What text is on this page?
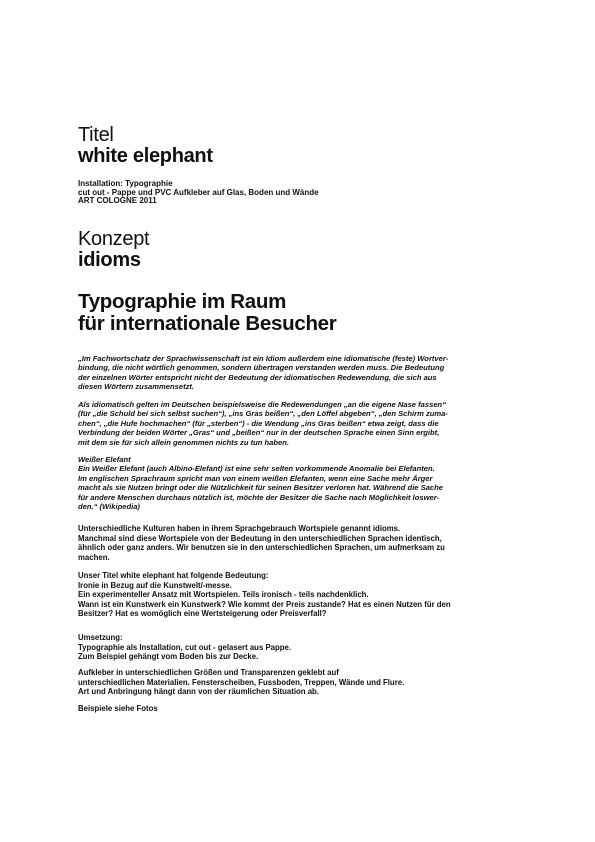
Titel
white elephant
Installation: Typographie
cut out - Pappe und PVC Aufkleber auf Glas, Boden und Wände
ART COLOGNE 2011
Konzept
idioms
Typographie im Raum
für internationale Besucher
„Im Fachwortschatz der Sprachwissenschaft ist ein Idiom außerdem eine idiomatische (feste) Wortver-
bindung, die nicht wörtlich genommen, sondern übertragen verstanden werden muss. Die Bedeutung
der einzelnen Wörter entspricht nicht der Bedeutung der idiomatischen Redewendung, die sich aus
diesen Wörtern zusammensetzt.
Als idiomatisch gelten im Deutschen beispielsweise die Redewendungen „an die eigene Nase fassen“
(für „die Schuld bei sich selbst suchen“), „ins Gras beißen“, „den Löffel abgeben“, „den Schirm zuma-
chen“, „die Hufe hochmachen“ (für „sterben“) - die Wendung „ins Gras beißen“ etwa zeigt, dass die
Verbindung der beiden Wörter „Gras“ und „beißen“ nur in der deutschen Sprache einen Sinn ergibt,
mit dem sie für sich allein genommen nichts zu tun haben.
Weißer Elefant
Ein Weißer Elefant (auch Albino-Elefant) ist eine sehr selten vorkommende Anomalie bei Elefanten.
Im englischen Sprachraum spricht man von einem weißen Elefanten, wenn eine Sache mehr Ärger
macht als sie Nutzen bringt oder die Nützlichkeit für seinen Besitzer verloren hat. Während die Sache
für andere Menschen durchaus nützlich ist, möchte der Besitzer die Sache nach Möglichkeit loswer-
den.“ (Wikipedia)
Unterschiedliche Kulturen haben in ihrem Sprachgebrauch Wortspiele genannt idioms.
Manchmal sind diese Wortspiele von der Bedeutung in den unterschiedlichen Sprachen identisch,
ähnlich oder ganz anders. Wir benutzen sie in den unterschiedlichen Sprachen, um aufmerksam zu
machen.
Unser Titel white elephant hat folgende Bedeutung:
Ironie in Bezug auf die Kunstwelt/-messe.
Ein experimenteller Ansatz mit Wortspielen. Teils ironisch - teils nachdenklich.
Wann ist ein Kunstwerk ein Kunstwerk? Wie kommt der Preis zustande? Hat es einen Nutzen für den
Besitzer? Hat es womöglich eine Wertsteigerung oder Preisverfall?
Umsetzung:
Typographie als Installation, cut out - gelasert aus Pappe.
Zum Beispiel gehängt vom Boden bis zur Decke.
Aufkleber in unterschiedlichen Größen und Transparenzen geklebt auf
unterschiedlichen Materialien. Fensterscheiben, Fussboden, Treppen, Wände und Flure.
Art und Anbringung hängt dann von der räumlichen Situation ab.
Beispiele siehe Fotos
